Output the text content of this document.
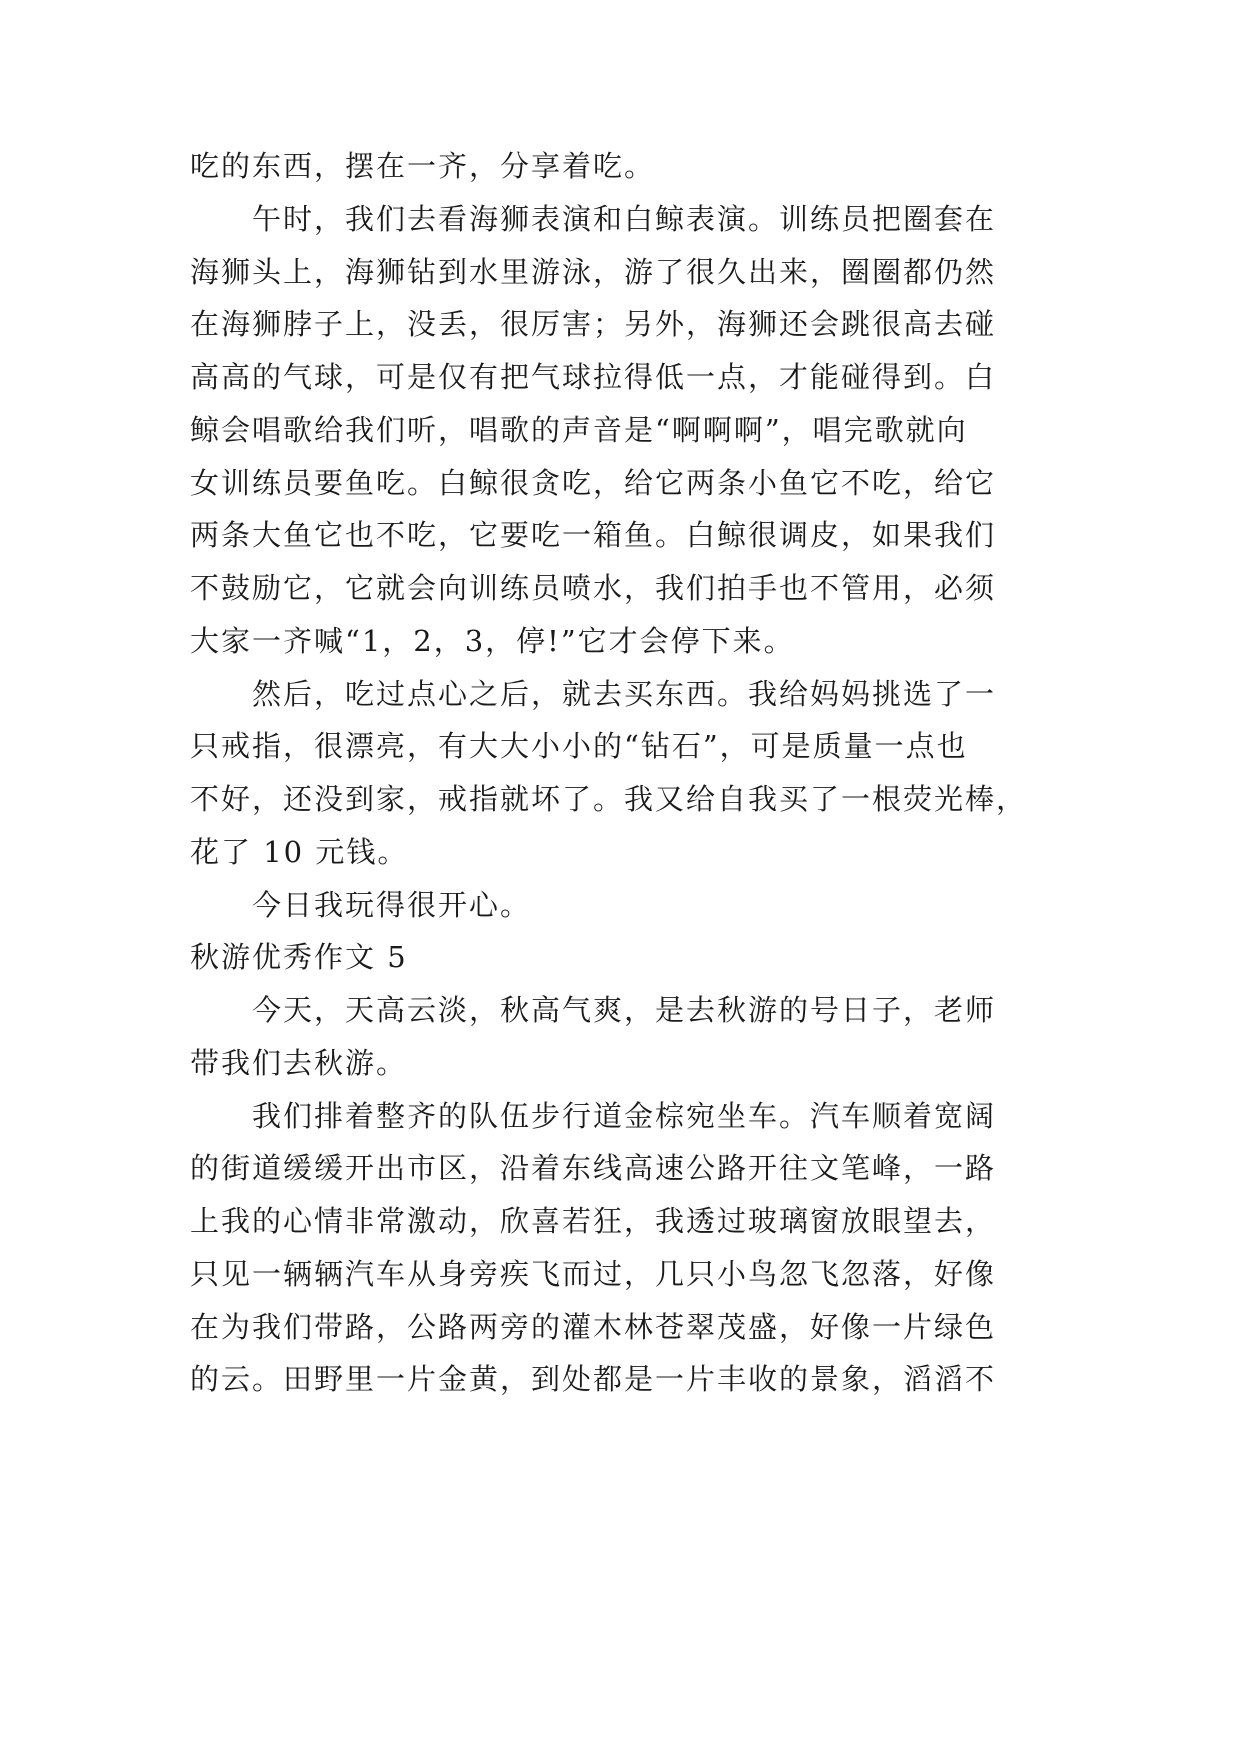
吃的东西，摆在一齐，分享着吃。
午时，我们去看海狮表演和白鲸表演。训练员把圈套在
海狮头上，海狮钻到水里游泳，游了很久出来，圈圈都仍然
在海狮脖子上，没丢，很厉害；另外，海狮还会跳很高去碰
高高的气球，可是仅有把气球拉得低一点，才能碰得到。白
鲸会唱歌给我们听，唱歌的声音是“啊啊啊”，唱完歌就向
女训练员要鱼吃。白鲸很贪吃，给它两条小鱼它不吃，给它
两条大鱼它也不吃，它要吃一箱鱼。白鲸很调皮，如果我们
不鼓励它，它就会向训练员喷水，我们拍手也不管用，必须
大家一齐喊“1，2，3，停!”它才会停下来。
然后，吃过点心之后，就去买东西。我给妈妈挑选了一
只戒指，很漂亮，有大大小小的“钻石”，可是质量一点也
不好，还没到家，戒指就坏了。我又给自我买了一根荧光棒，
花了 10 元钱。
今日我玩得很开心。
秋游优秀作文 5
今天，天高云淡，秋高气爽，是去秋游的号日子，老师
带我们去秋游。
我们排着整齐的队伍步行道金棕宛坐车。汽车顺着宽阔
的街道缓缓开出市区，沿着东线高速公路开往文笔峰，一路
上我的心情非常激动，欣喜若狂，我透过玻璃窗放眼望去，
只见一辆辆汽车从身旁疾飞而过，几只小鸟忽飞忽落，好像
在为我们带路，公路两旁的灌木林苍翠茂盛，好像一片绿色
的云。田野里一片金黄，到处都是一片丰收的景象，滔滔不
